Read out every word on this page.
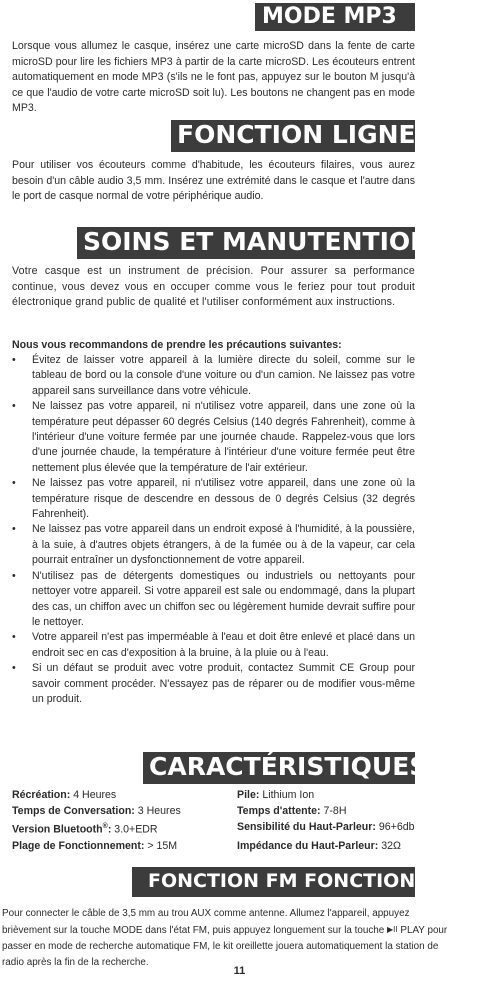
MODE MP3

Lorsque vous allumez le casque, insérez une carte microSD dans la fente de carte microSD pour lire les fichiers MP3 à partir de la carte microSD. Les écouteurs entrent automatiquement en mode MP3 (s'ils ne le font pas, appuyez sur le bouton M jusqu'à ce que l'audio de votre carte microSD soit lu). Les boutons ne changent pas en mode MP3.

FONCTION LIGNE

Pour utiliser vos écouteurs comme d'habitude, les écouteurs filaires, vous aurez besoin d'un câble audio 3,5 mm. Insérez une extrémité dans le casque et l'autre dans le port de casque normal de votre périphérique audio.

SOINS ET MANUTENTION

Votre casque est un instrument de précision. Pour assurer sa performance continue, vous devez vous en occuper comme vous le feriez pour tout produit électronique grand public de qualité et l'utiliser conformément aux instructions.

Nous vous recommandons de prendre les précautions suivantes:

• Évitez de laisser votre appareil à la lumière directe du soleil, comme sur le tableau de bord ou la console d'une voiture ou d'un camion. Ne laissez pas votre appareil sans surveillance dans votre véhicule.
• Ne laissez pas votre appareil, ni n'utilisez votre appareil, dans une zone où la température peut dépasser 60 degrés Celsius (140 degrés Fahrenheit), comme à l'intérieur d'une voiture fermée par une journée chaude. Rappelez-vous que lors d'une journée chaude, la température à l'intérieur d'une voiture fermée peut être nettement plus élevée que la température de l'air extérieur.
• Ne laissez pas votre appareil, ni n'utilisez votre appareil, dans une zone où la température risque de descendre en dessous de 0 degrés Celsius (32 degrés Fahrenheit).
• Ne laissez pas votre appareil dans un endroit exposé à l'humidité, à la poussière, à la suie, à d'autres objets étrangers, à de la fumée ou à de la vapeur, car cela pourrait entraîner un dysfonctionnement de votre appareil.
• N'utilisez pas de détergents domestiques ou industriels ou nettoyants pour nettoyer votre appareil. Si votre appareil est sale ou endommagé, dans la plupart des cas, un chiffon avec un chiffon sec ou légèrement humide devrait suffire pour le nettoyer.
• Votre appareil n'est pas imperméable à l'eau et doit être enlevé et placé dans un endroit sec en cas d'exposition à la bruine, à la pluie ou à l'eau.
• Si un défaut se produit avec votre produit, contactez Summit CE Group pour savoir comment procéder. N'essayez pas de réparer ou de modifier vous-même un produit.
CARACTÉRISTIQUES
Récréation: 4 Heures	Pile: Lithium Ion
Temps de Conversation: 3 Heures	Temps d'attente: 7-8H
Version Bluetooth®: 3.0+EDR	Sensibilité du Haut-Parleur: 96+6db
Plage de Fonctionnement: > 15M	Impédance du Haut-Parleur: 32Ω
FONCTION FM FONCTION

Pour connecter le câble de 3,5 mm au trou AUX comme antenne. Allumez l'appareil, appuyez brièvement sur la touche MODE dans l'état FM, puis appuyez longuement sur la touche ▶II PLAY pour passer en mode de recherche automatique FM, le kit oreillette jouera automatiquement la station de radio après la fin de la recherche.

11
